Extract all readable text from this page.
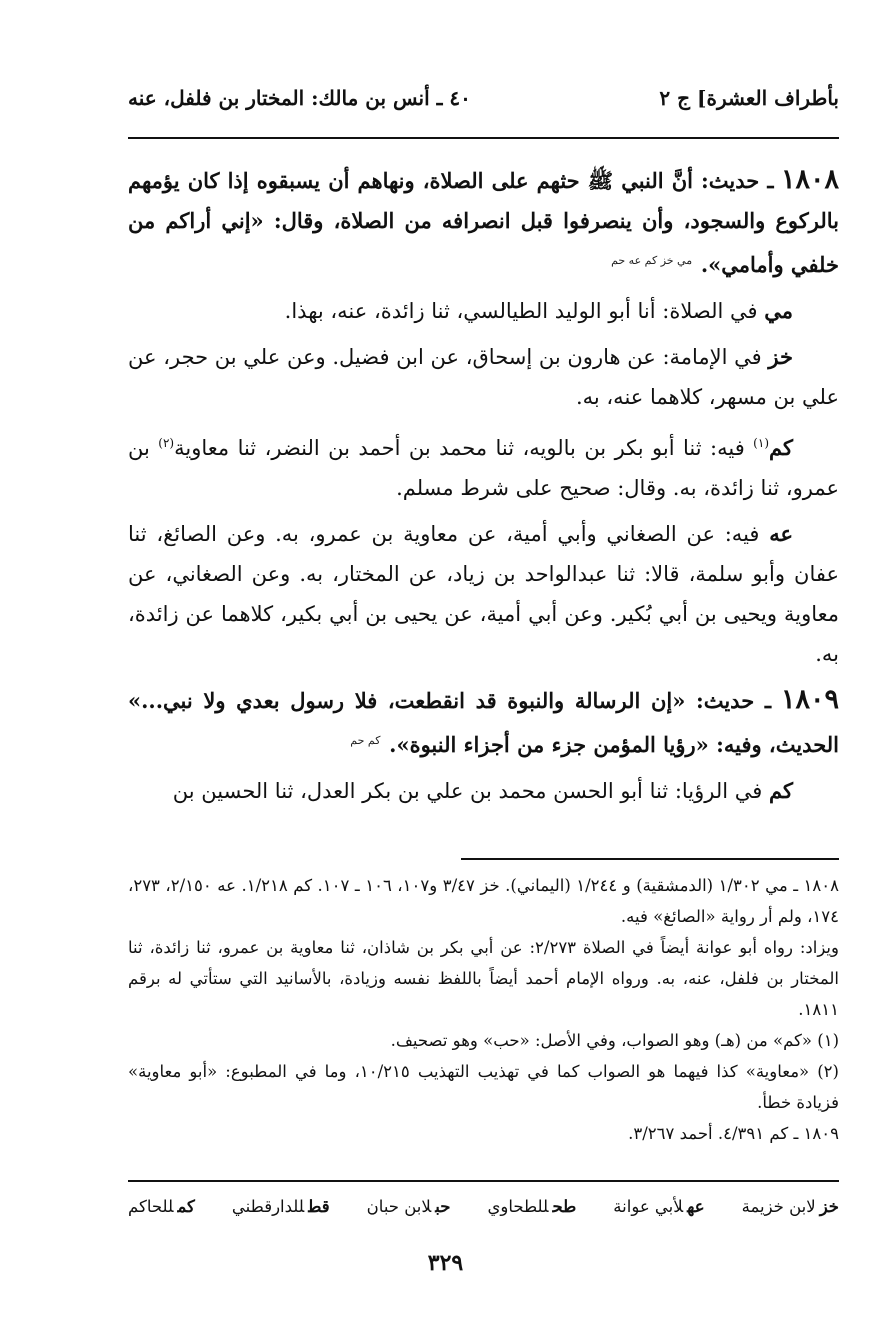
بأطراف العشرة] ج ٢
٤٠ ـ أنس بن مالك: المختار بن فلفل، عنه

١٨٠٨ ـ حديث: أنَّ النبي ﷺ حثهم على الصلاة، ونهاهم أن يسبقوه إذا كان يؤمهم بالركوع والسجود، وأن ينصرفوا قبل انصرافه من الصلاة، وقال: «إني أراكم من خلفي وأمامي». $^{مي خز كم عه حم}$

مي في الصلاة: أنا أبو الوليد الطيالسي، ثنا زائدة، عنه، بهذا.

خز في الإمامة: عن هارون بن إسحاق، عن ابن فضيل. وعن علي بن حجر، عن علي بن مسهر، كلاهما عنه، به.

كم$^{(١)}$ فيه: ثنا أبو بكر بن بالويه، ثنا محمد بن أحمد بن النضر، ثنا معاوية$^{(٢)}$ بن عمرو، ثنا زائدة، به. وقال: صحيح على شرط مسلم.

عه فيه: عن الصغاني وأبي أمية، عن معاوية بن عمرو، به. وعن الصائغ، ثنا عفان وأبو سلمة، قالا: ثنا عبدالواحد بن زياد، عن المختار، به. وعن الصغاني، عن معاوية ويحيى بن أبي بُكير. وعن أبي أمية، عن يحيى بن أبي بكير، كلاهما عن زائدة، به.

١٨٠٩ ـ حديث: «إن الرسالة والنبوة قد انقطعت، فلا رسول بعدي ولا نبي...» الحديث، وفيه: «رؤيا المؤمن جزء من أجزاء النبوة». $^{كم حم}$

كم في الرؤيا: ثنا أبو الحسن محمد بن علي بن بكر العدل، ثنا الحسين بن

١٨٠٨ ـ مي ١/٣٠٢ (الدمشقية) و ١/٢٤٤ (اليماني). خز ٣/٤٧ و١٠٧، ١٠٦ ـ ١٠٧. كم ١/٢١٨. عه ٢/١٥٠، ٢٧٣، ١٧٤، ولم أر رواية «الصائغ» فيه.

ويزاد: رواه أبو عوانة أيضاً في الصلاة ٢/٢٧٣: عن أبي بكر بن شاذان، ثنا معاوية بن عمرو، ثنا زائدة، ثنا المختار بن فلفل، عنه، به. ورواه الإمام أحمد أيضاً باللفظ نفسه وزيادة، بالأسانيد التي ستأتي له برقم ١٨١١.

(١) «كم» من (هـ) وهو الصواب، وفي الأصل: «حب» وهو تصحيف.

(٢) «معاوية» كذا فيهما هو الصواب كما في تهذيب التهذيب ١٠/٢١٥، وما في المطبوع: «أبو معاوية» فزيادة خطأ.

١٨٠٩ ـ كم ٤/٣٩١. أحمد ٣/٢٦٧.

خزلابن خزيمة
عهلأبي عوانة
طحللطحاوي
حبلابن حبان
قطللدارقطني
كمللحاكم
٣٢٩
